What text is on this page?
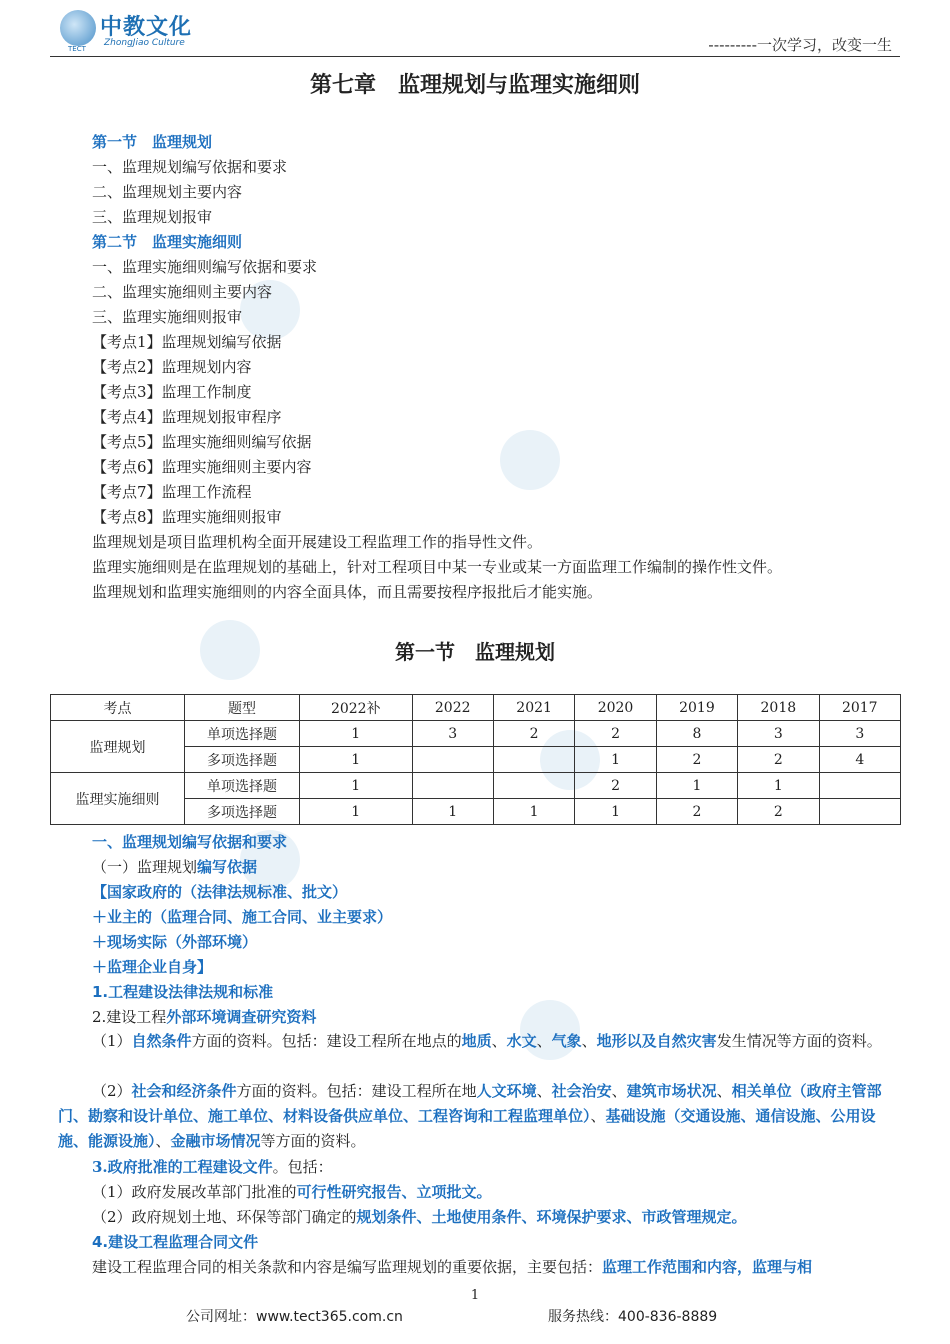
中教文化
ZhongJiao Culture
TECT	---------一次学习，改变一生
第七章　监理规划与监理实施细则
第一节　监理规划
一、监理规划编写依据和要求
二、监理规划主要内容
三、监理规划报审
第二节　监理实施细则
一、监理实施细则编写依据和要求
二、监理实施细则主要内容
三、监理实施细则报审
【考点1】监理规划编写依据
【考点2】监理规划内容
【考点3】监理工作制度
【考点4】监理规划报审程序
【考点5】监理实施细则编写依据
【考点6】监理实施细则主要内容
【考点7】监理工作流程
【考点8】监理实施细则报审
监理规划是项目监理机构全面开展建设工程监理工作的指导性文件。
监理实施细则是在监理规划的基础上，针对工程项目中某一专业或某一方面监理工作编制的操作性文件。
监理规划和监理实施细则的内容全面具体，而且需要按程序报批后才能实施。
第一节　监理规划
考点	题型	2022补	2022	2021	2020	2019	2018	2017
监理规划	单项选择题	1	3	2	2	8	3	3
	多项选择题	1			1	2	2	4
监理实施细则	单项选择题	1			2	1	1	
	多项选择题	1	1	1	1	2	2	
一、监理规划编写依据和要求
（一）监理规划编写依据
【国家政府的（法律法规标准、批文）
＋业主的（监理合同、施工合同、业主要求）
＋现场实际（外部环境）
＋监理企业自身】
1.工程建设法律法规和标准
2.建设工程外部环境调查研究资料
（1）自然条件方面的资料。包括：建设工程所在地点的地质、水文、气象、地形以及自然灾害发生情况等方面的资料。
（2）社会和经济条件方面的资料。包括：建设工程所在地人文环境、社会治安、建筑市场状况、相关单位（政府主管部门、勘察和设计单位、施工单位、材料设备供应单位、工程咨询和工程监理单位）、基础设施（交通设施、通信设施、公用设施、能源设施）、金融市场情况等方面的资料。
3.政府批准的工程建设文件。包括：
（1）政府发展改革部门批准的可行性研究报告、立项批文。
（2）政府规划土地、环保等部门确定的规划条件、土地使用条件、环境保护要求、市政管理规定。
4.建设工程监理合同文件
建设工程监理合同的相关条款和内容是编写监理规划的重要依据，主要包括：监理工作范围和内容，监理与相
1
公司网址：www.tect365.com.cn	服务热线：400-836-8889
